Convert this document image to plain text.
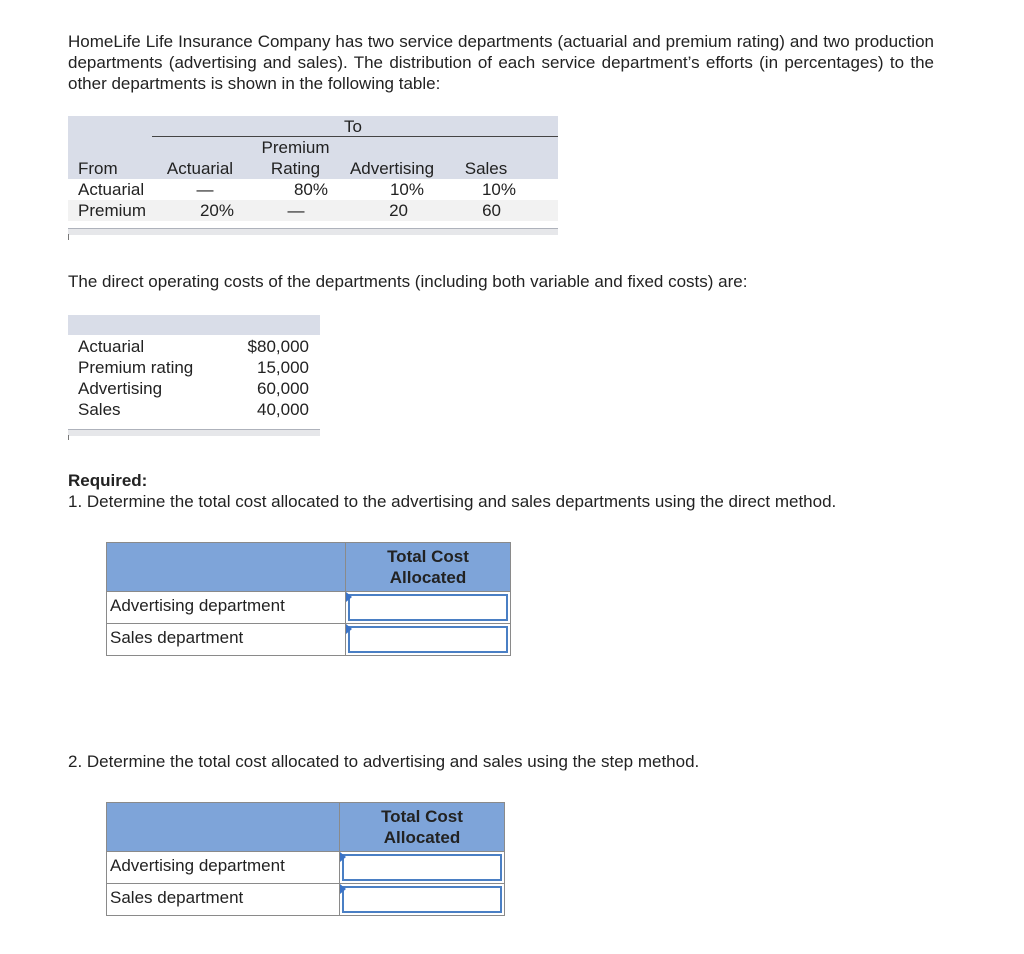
HomeLife Life Insurance Company has two service departments (actuarial and premium rating) and two production departments (advertising and sales). The distribution of each service department’s efforts (in percentages) to the other departments is shown in the following table:

To
Premium
From	Actuarial	Rating	Advertising	Sales
Actuarial	—	80%	10%	10%
Premium	20%	—	20	60
The direct operating costs of the departments (including both variable and fixed costs) are:
Actuarial	$80,000
Premium rating	15,000
Advertising	60,000
Sales	40,000
Required:
1. Determine the total cost allocated to the advertising and sales departments using the direct method.
Total Cost
Allocated
Advertising department
Sales department
2. Determine the total cost allocated to advertising and sales using the step method.
Total Cost
Allocated
Advertising department
Sales department
